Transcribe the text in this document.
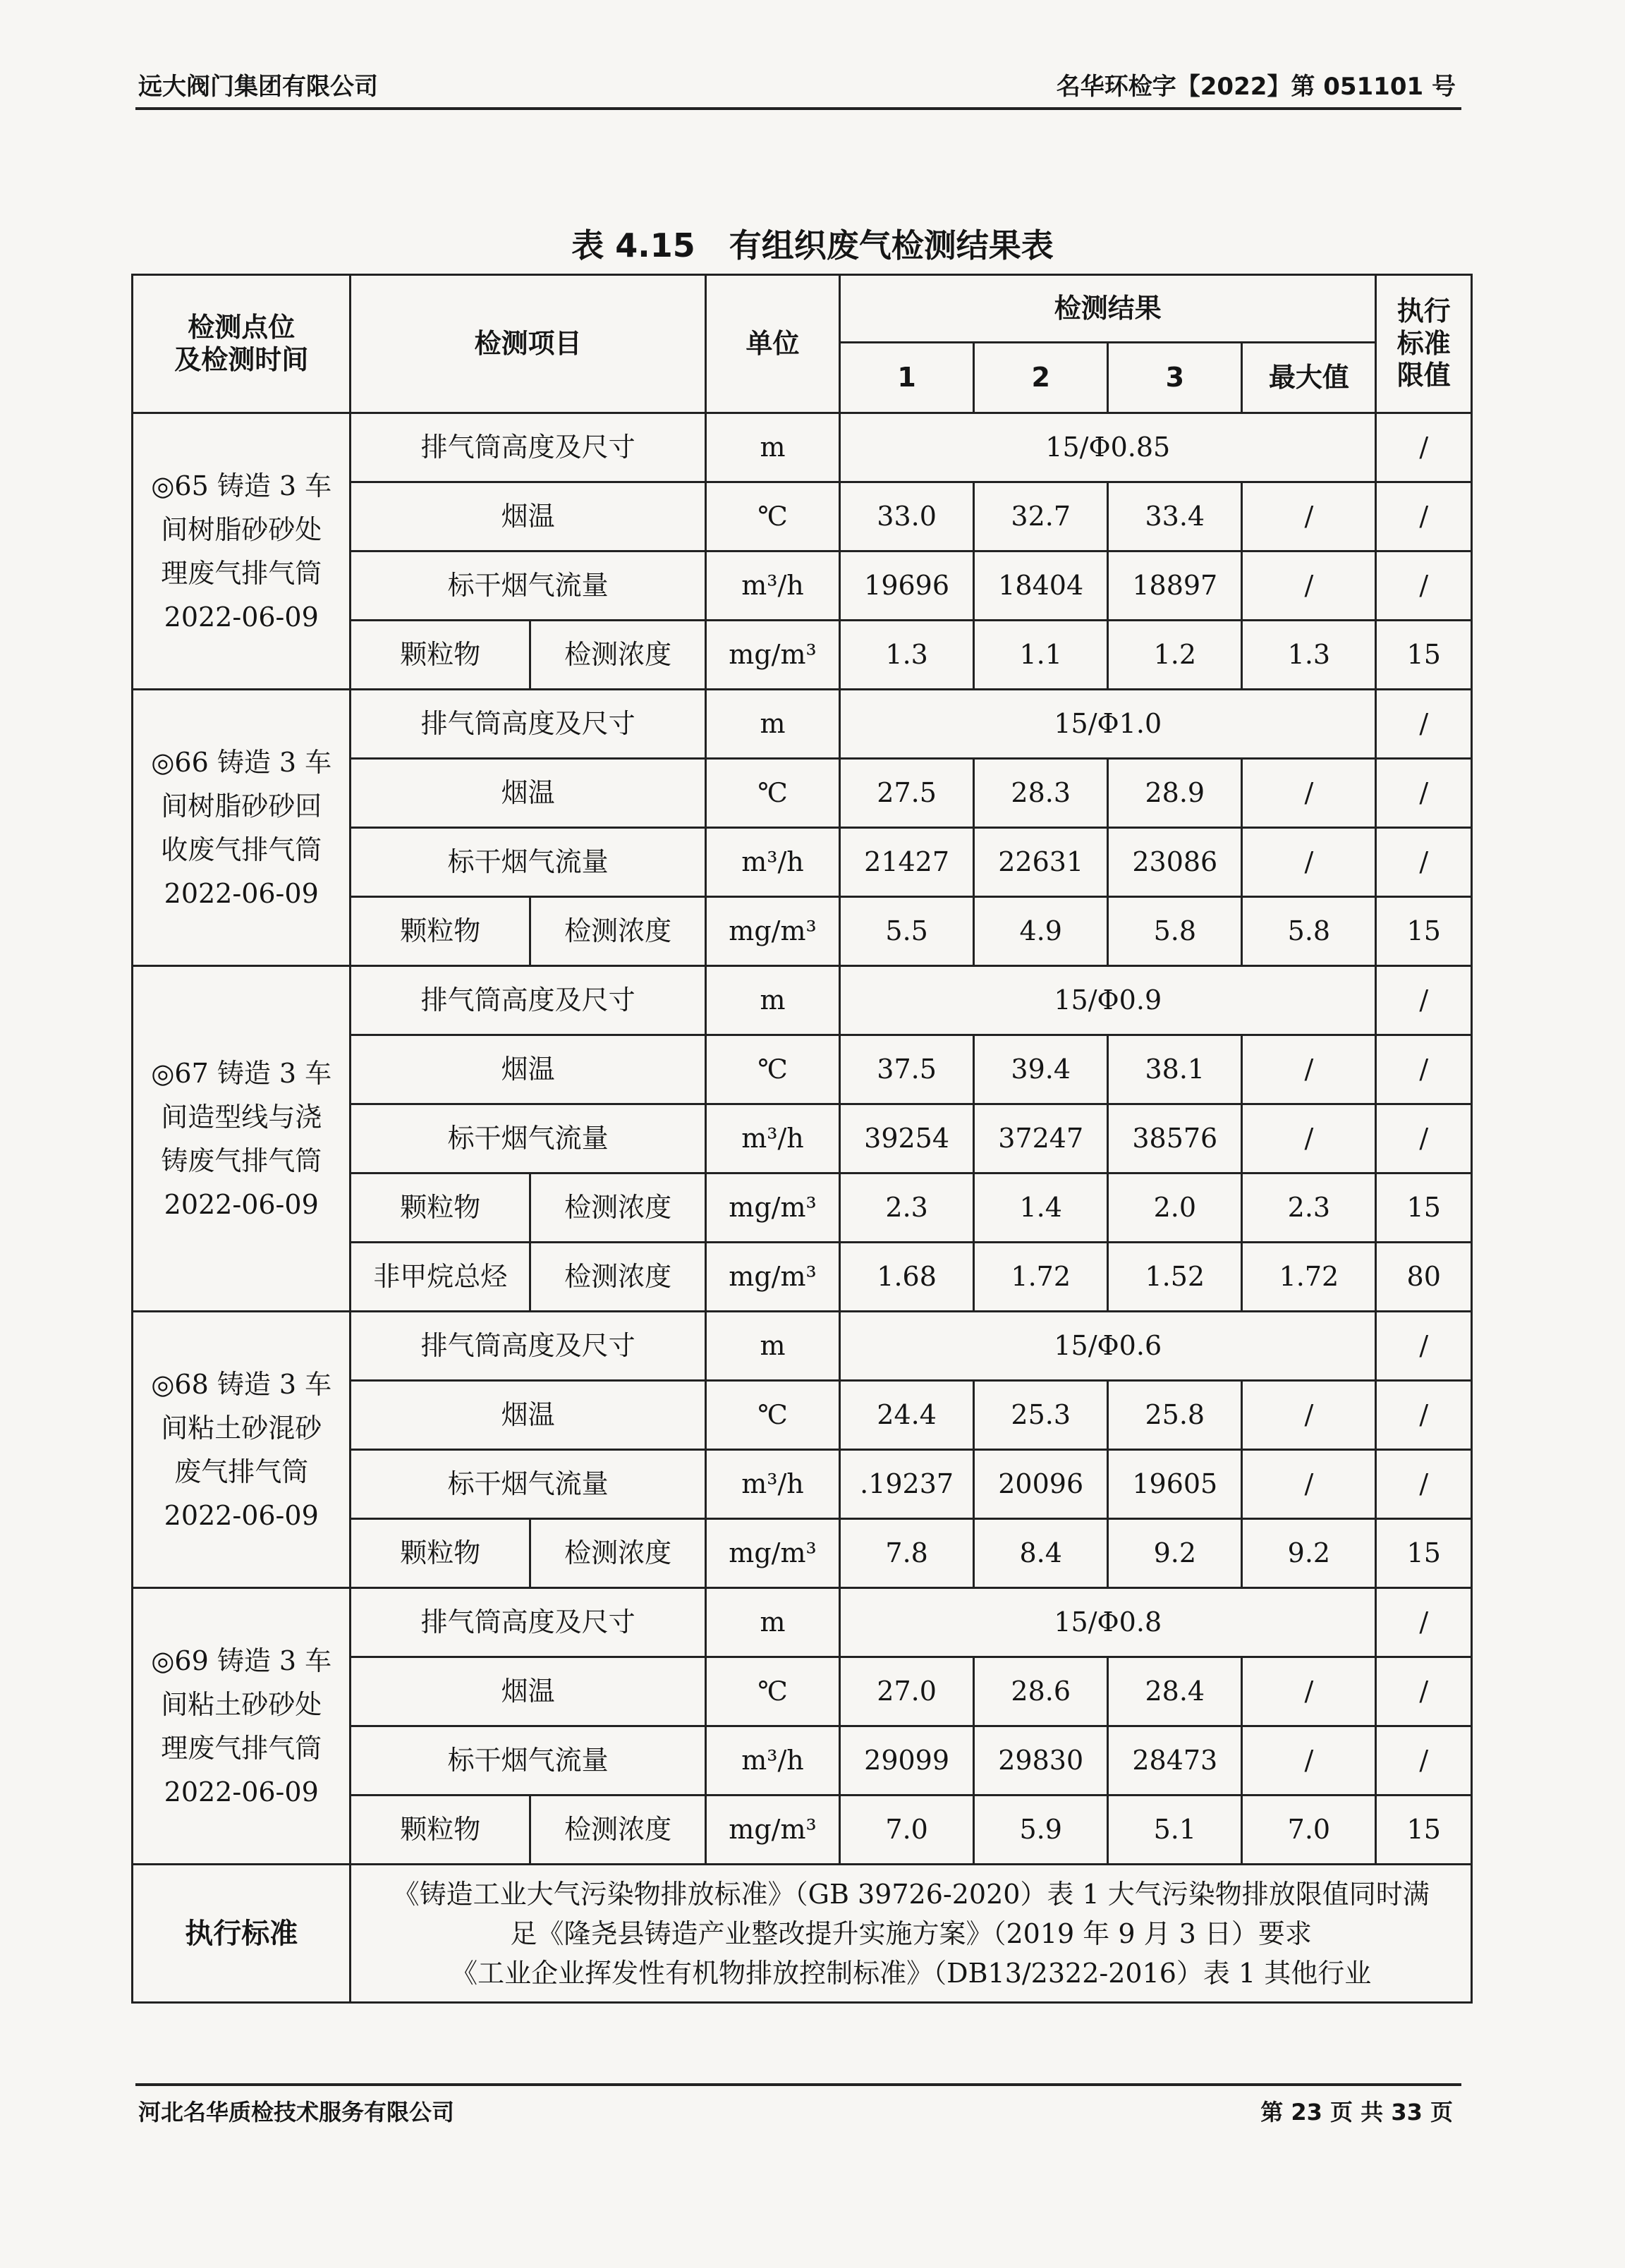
远大阀门集团有限公司	名华环检字【2022】第 051101 号
表 4.15   有组织废气检测结果表
检测点位
及检测时间	检测项目		单位	检测结果				执行
标准
限值
				1	2	3	最大值	
◎65 铸造 3 车
间树脂砂砂处
理废气排气筒
2022-06-09	排气筒高度及尺寸		m	15/Φ0.85				/
	烟温		℃	33.0	32.7	33.4	/	/
	标干烟气流量		m³/h	19696	18404	18897	/	/
	颗粒物	检测浓度	mg/m³	1.3	1.1	1.2	1.3	15
◎66 铸造 3 车
间树脂砂砂回
收废气排气筒
2022-06-09	排气筒高度及尺寸		m	15/Φ1.0				/
	烟温		℃	27.5	28.3	28.9	/	/
	标干烟气流量		m³/h	21427	22631	23086	/	/
	颗粒物	检测浓度	mg/m³	5.5	4.9	5.8	5.8	15
◎67 铸造 3 车
间造型线与浇
铸废气排气筒
2022-06-09	排气筒高度及尺寸		m	15/Φ0.9				/
	烟温		℃	37.5	39.4	38.1	/	/
	标干烟气流量		m³/h	39254	37247	38576	/	/
	颗粒物	检测浓度	mg/m³	2.3	1.4	2.0	2.3	15
	非甲烷总烃	检测浓度	mg/m³	1.68	1.72	1.52	1.72	80
◎68 铸造 3 车
间粘土砂混砂
废气排气筒
2022-06-09	排气筒高度及尺寸		m	15/Φ0.6				/
	烟温		℃	24.4	25.3	25.8	/	/
	标干烟气流量		m³/h	.19237	20096	19605	/	/
	颗粒物	检测浓度	mg/m³	7.8	8.4	9.2	9.2	15
◎69 铸造 3 车
间粘土砂砂处
理废气排气筒
2022-06-09	排气筒高度及尺寸		m	15/Φ0.8				/
	烟温		℃	27.0	28.6	28.4	/	/
	标干烟气流量		m³/h	29099	29830	28473	/	/
	颗粒物	检测浓度	mg/m³	7.0	5.9	5.1	7.0	15
执行标准	《铸造工业大气污染物排放标准》（GB 39726-2020）表 1 大气污染物排放限值同时满
足《隆尧县铸造产业整改提升实施方案》（2019 年 9 月 3 日）要求
《工业企业挥发性有机物排放控制标准》（DB13/2322-2016）表 1 其他行业							
河北名华质检技术服务有限公司	第 23 页 共 33 页
